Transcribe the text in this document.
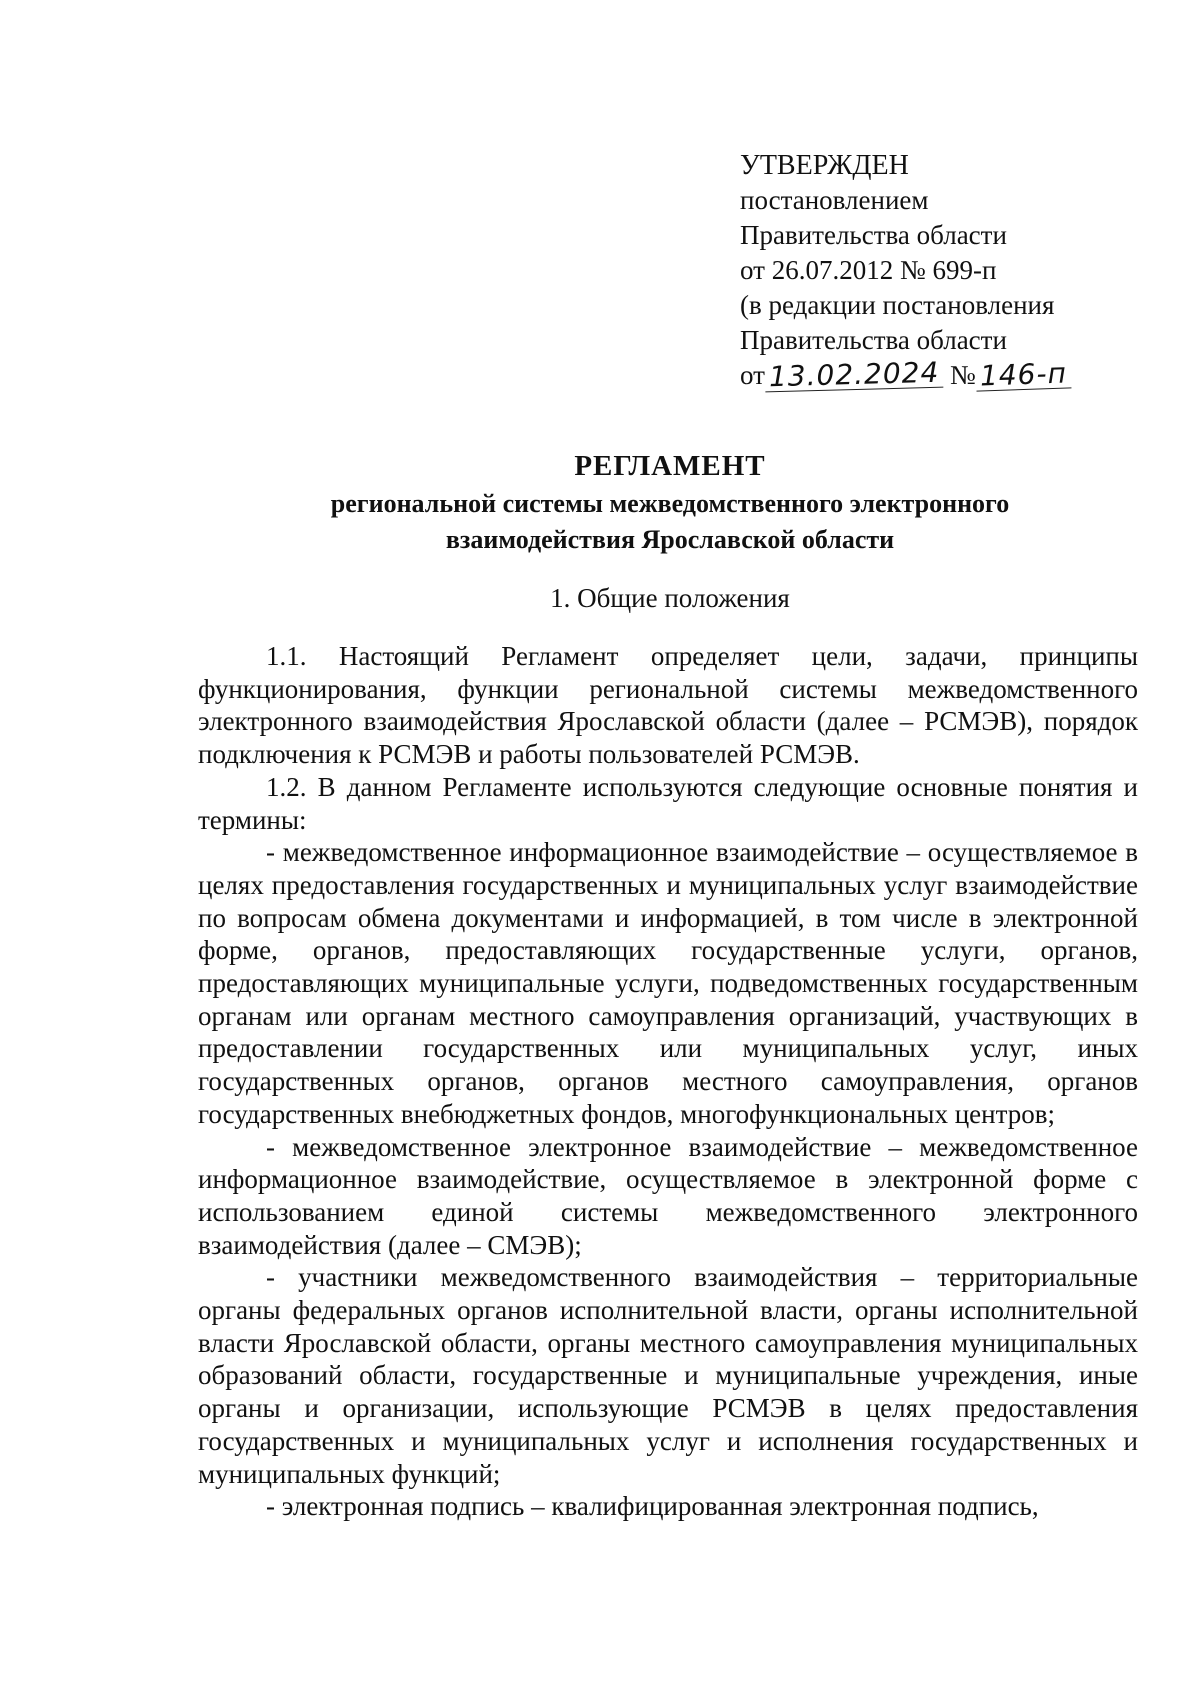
УТВЕРЖДЕН
постановлением
Правительства области
от 26.07.2012 № 699-п
(в редакции постановления
Правительства области
от 13.02.2024 № 146-п
РЕГЛАМЕНТ
региональной системы межведомственного электронного
взаимодействия Ярославской области
1. Общие положения

1.1. Настоящий Регламент определяет цели, задачи, принципы функционирования, функции региональной системы межведомственного электронного взаимодействия Ярославской области (далее – РСМЭВ), порядок подключения к РСМЭВ и работы пользователей РСМЭВ.

1.2. В данном Регламенте используются следующие основные понятия и термины:

- межведомственное информационное взаимодействие – осуществляемое в целях предоставления государственных и муниципальных услуг взаимодействие по вопросам обмена документами и информацией, в том числе в электронной форме, органов, предоставляющих государственные услуги, органов, предоставляющих муниципальные услуги, подведомственных государственным органам или органам местного самоуправления организаций, участвующих в предоставлении государственных или муниципальных услуг, иных государственных органов, органов местного самоуправления, органов государственных внебюджетных фондов, многофункциональных центров;

- межведомственное электронное взаимодействие – межведомственное информационное взаимодействие, осуществляемое в электронной форме с использованием единой системы межведомственного электронного взаимодействия (далее – СМЭВ);

- участники межведомственного взаимодействия – территориальные органы федеральных органов исполнительной власти, органы исполнительной власти Ярославской области, органы местного самоуправления муниципальных образований области, государственные и муниципальные учреждения, иные органы и организации, использующие РСМЭВ в целях предоставления государственных и муниципальных услуг и исполнения государственных и муниципальных функций;

- электронная подпись – квалифицированная электронная подпись,
